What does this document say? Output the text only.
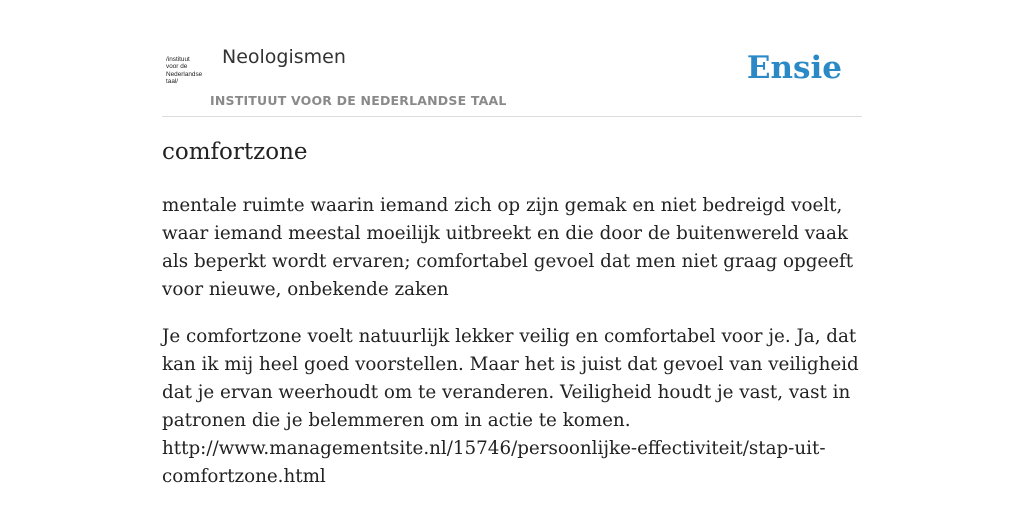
/instituut
voor de
Nederlandse
taal/
Neologismen
INSTITUUT VOOR DE NEDERLANDSE TAAL
Ensie
comfortzone

mentale ruimte waarin iemand zich op zijn gemak en niet bedreigd voelt, waar iemand meestal moeilijk uitbreekt en die door de buitenwereld vaak als beperkt wordt ervaren; comfortabel gevoel dat men niet graag opgeeft voor nieuwe, onbekende zaken

Je comfortzone voelt natuurlijk lekker veilig en comfortabel voor je. Ja, dat kan ik mij heel goed voorstellen. Maar het is juist dat gevoel van veiligheid dat je ervan weerhoudt om te veranderen. Veiligheid houdt je vast, vast in patronen die je belemmeren om in actie te komen.
http://www.managementsite.nl/15746/persoonlijke-effectiviteit/stap-uit-comfortzone.html
